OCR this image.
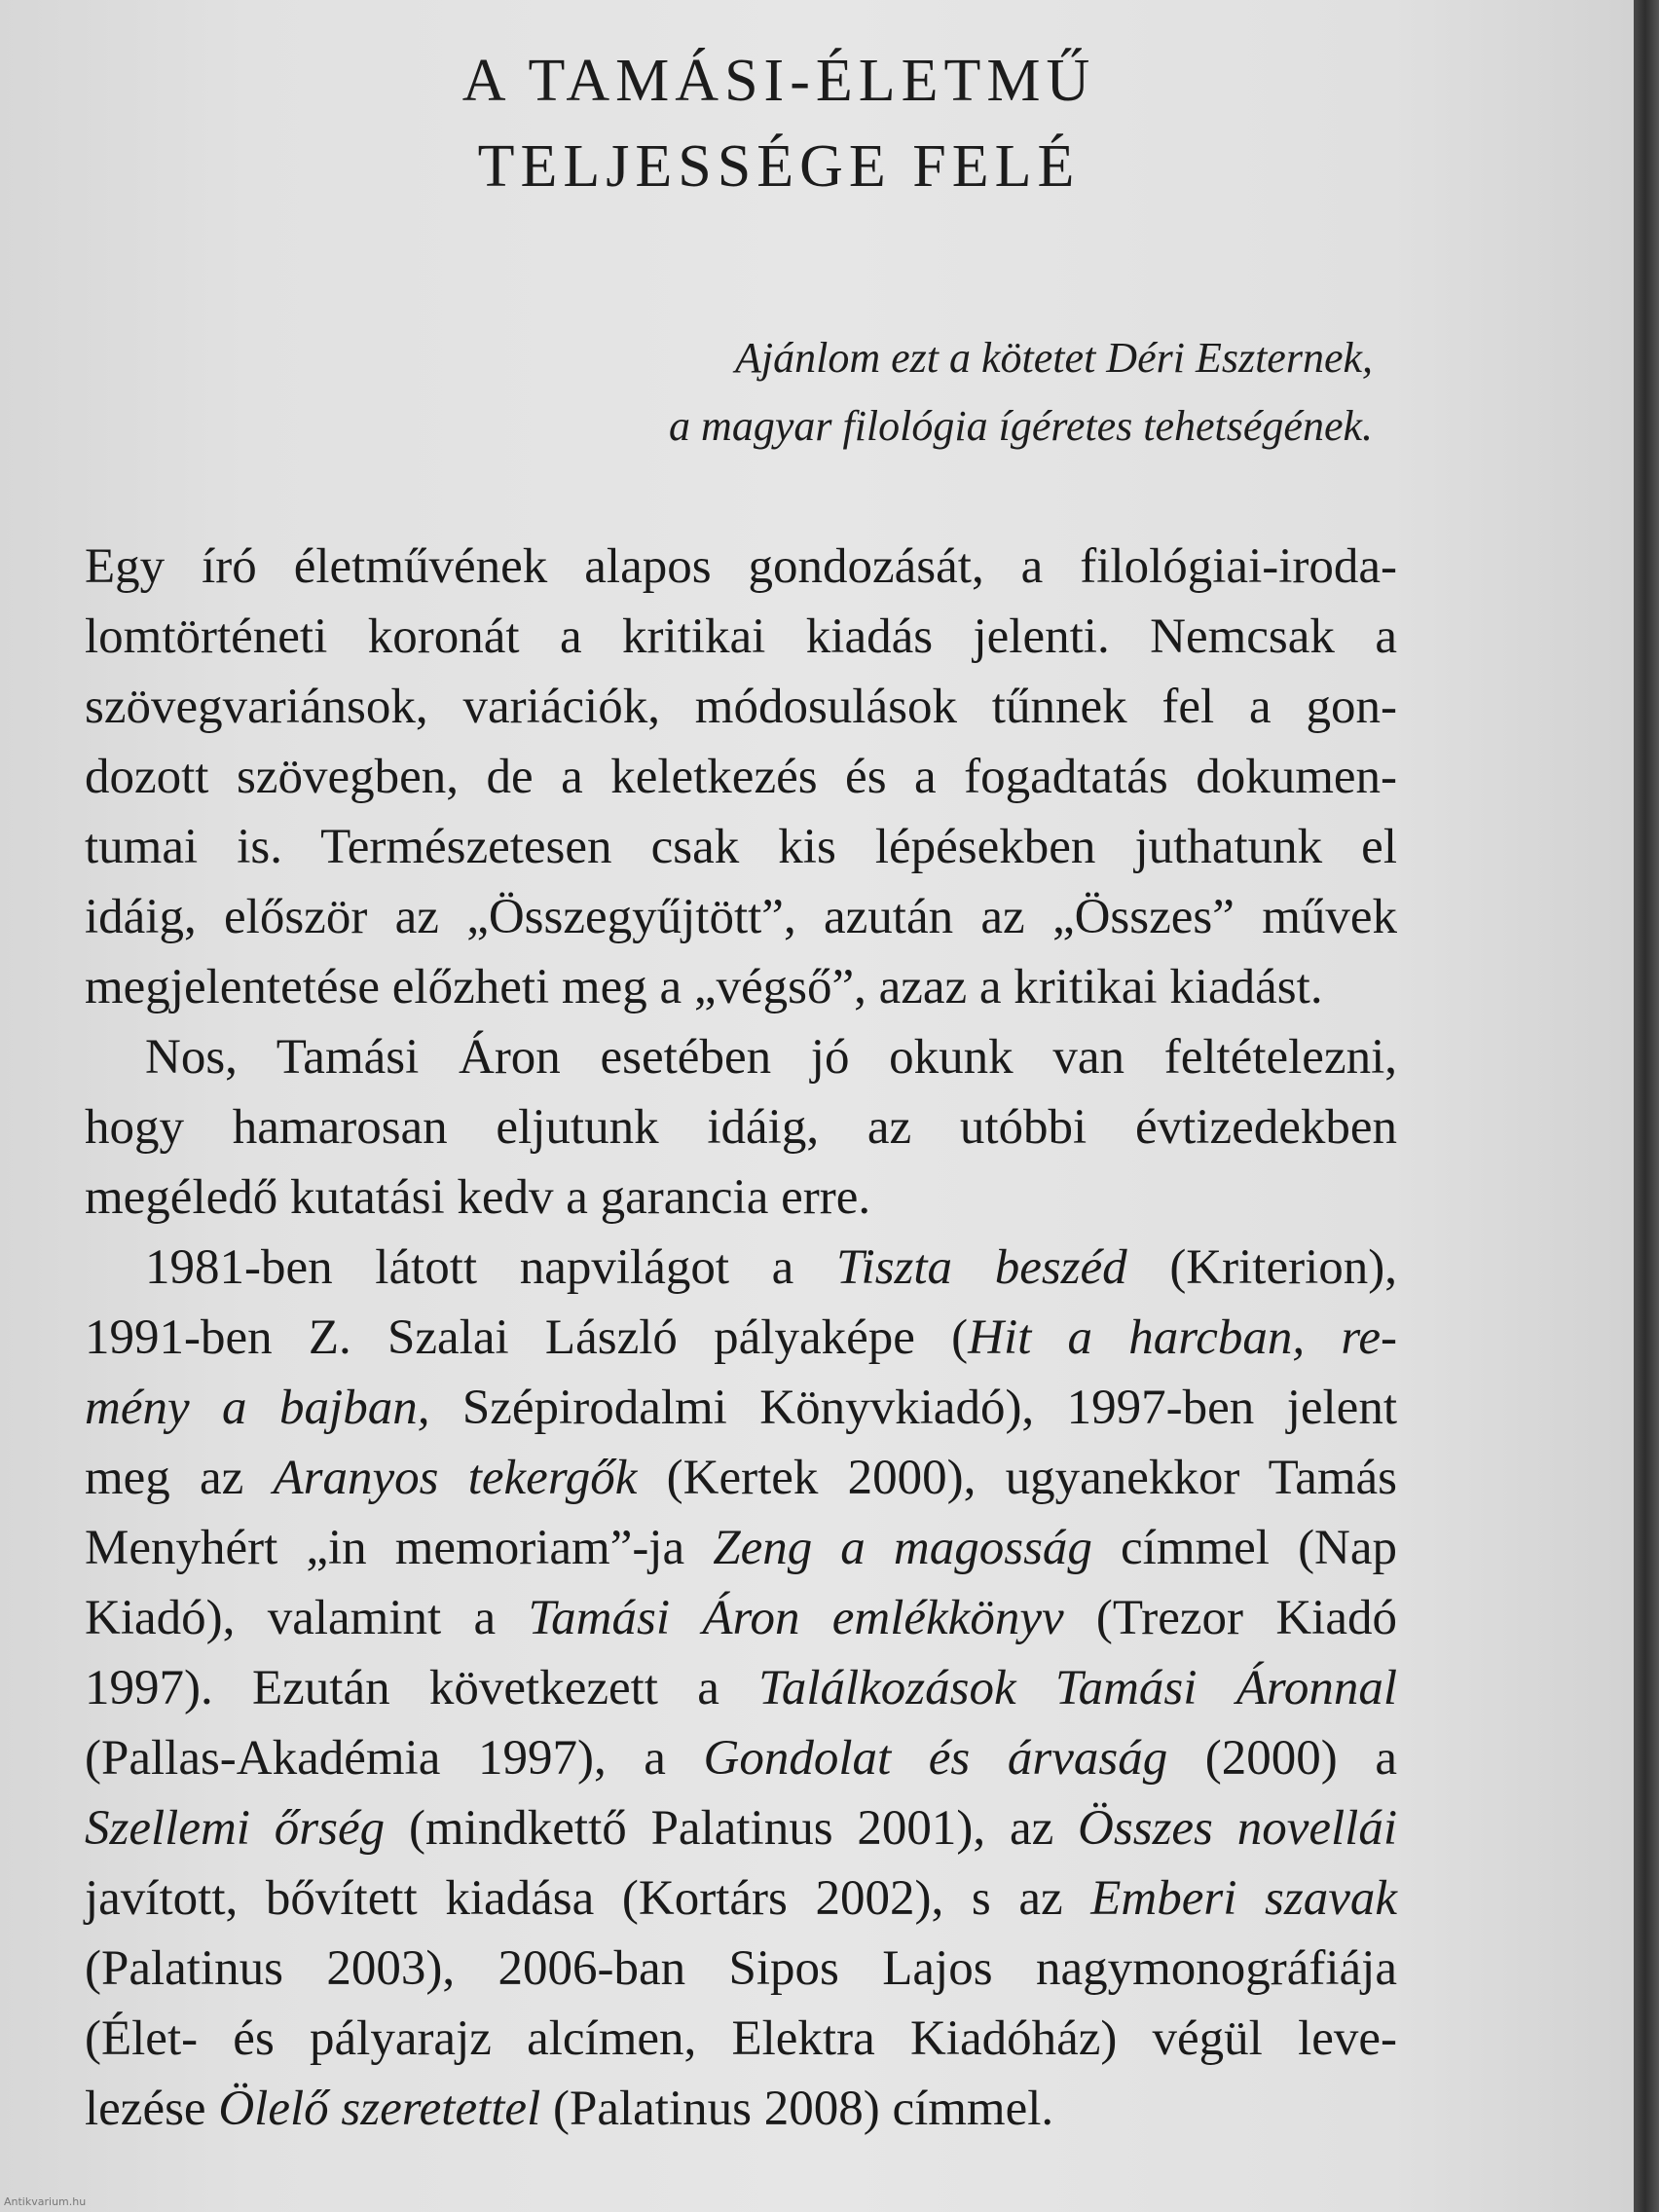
A TAMÁSI-ÉLETMŰ
TELJESSÉGE FELÉ
Ajánlom ezt a kötetet Déri Eszternek,
a magyar filológia ígéretes tehetségének.
Egy író életművének alapos gondozását, a filológiai-iroda-
lomtörténeti koronát a kritikai kiadás jelenti. Nemcsak a
szövegvariánsok, variációk, módosulások tűnnek fel a gon-
dozott szövegben, de a keletkezés és a fogadtatás dokumen-
tumai is. Természetesen csak kis lépésekben juthatunk el
idáig, először az „Összegyűjtött”, azután az „Összes” művek
megjelentetése előzheti meg a „végső”, azaz a kritikai kiadást.
Nos, Tamási Áron esetében jó okunk van feltételezni,
hogy hamarosan eljutunk idáig, az utóbbi évtizedekben
megéledő kutatási kedv a garancia erre.
1981-ben látott napvilágot a Tiszta beszéd (Kriterion),
1991-ben Z. Szalai László pályaképe (Hit a harcban, re-
mény a bajban, Szépirodalmi Könyvkiadó), 1997-ben jelent
meg az Aranyos tekergők (Kertek 2000), ugyanekkor Tamás
Menyhért „in memoriam”-ja Zeng a magosság címmel (Nap
Kiadó), valamint a Tamási Áron emlékkönyv (Trezor Kiadó
1997). Ezután következett a Találkozások Tamási Áronnal
(Pallas-Akadémia 1997), a Gondolat és árvaság (2000) a
Szellemi őrség (mindkettő Palatinus 2001), az Összes novellái
javított, bővített kiadása (Kortárs 2002), s az Emberi szavak
(Palatinus 2003), 2006-ban Sipos Lajos nagymonográfiája
(Élet- és pályarajz alcímen, Elektra Kiadóház) végül leve-
lezése Ölelő szeretettel (Palatinus 2008) címmel.
Antikvarium.hu
